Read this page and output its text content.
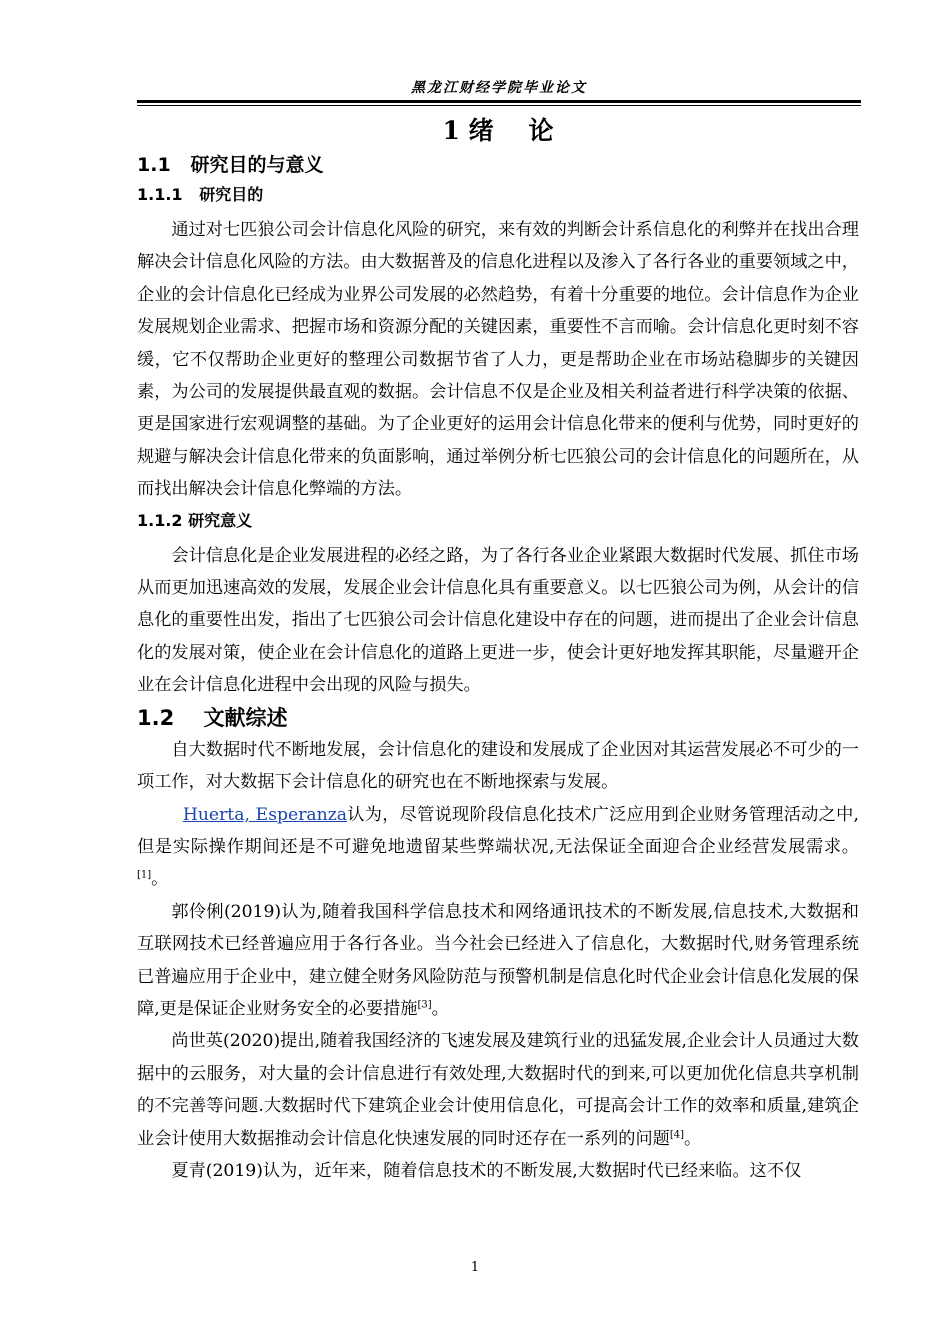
黑龙江财经学院毕业论文
1 绪    论
1.1   研究目的与意义
1.1.1   研究目的

通过对七匹狼公司会计信息化风险的研究，来有效的判断会计系信息化的利弊并在找出合理解决会计信息化风险的方法。由大数据普及的信息化进程以及渗入了各行各业的重要领域之中，企业的会计信息化已经成为业界公司发展的必然趋势，有着十分重要的地位。会计信息作为企业发展规划企业需求、把握市场和资源分配的关键因素，重要性不言而喻。会计信息化更时刻不容缓，它不仅帮助企业更好的整理公司数据节省了人力，更是帮助企业在市场站稳脚步的关键因素，为公司的发展提供最直观的数据。会计信息不仅是企业及相关利益者进行科学决策的依据、更是国家进行宏观调整的基础。为了企业更好的运用会计信息化带来的便利与优势，同时更好的规避与解决会计信息化带来的负面影响，通过举例分析七匹狼公司的会计信息化的问题所在，从而找出解决会计信息化弊端的方法。

1.1.2 研究意义

会计信息化是企业发展进程的必经之路，为了各行各业企业紧跟大数据时代发展、抓住市场从而更加迅速高效的发展，发展企业会计信息化具有重要意义。以七匹狼公司为例，从会计的信息化的重要性出发，指出了七匹狼公司会计信息化建设中存在的问题，进而提出了企业会计信息化的发展对策，使企业在会计信息化的道路上更进一步，使会计更好地发挥其职能，尽量避开企业在会计信息化进程中会出现的风险与损失。

1.2    文献综述

自大数据时代不断地发展，会计信息化的建设和发展成了企业因对其运营发展必不可少的一项工作，对大数据下会计信息化的研究也在不断地探索与发展。

Huerta, Esperanza认为，尽管说现阶段信息化技术广泛应用到企业财务管理活动之中,但是实际操作期间还是不可避免地遗留某些弊端状况,无法保证全面迎合企业经营发展需求。[1]。

郭伶俐(2019)认为,随着我国科学信息技术和网络通讯技术的不断发展,信息技术,大数据和互联网技术已经普遍应用于各行各业。当今社会已经进入了信息化，大数据时代,财务管理系统已普遍应用于企业中，建立健全财务风险防范与预警机制是信息化时代企业会计信息化发展的保障,更是保证企业财务安全的必要措施[3]。

尚世英(2020)提出,随着我国经济的飞速发展及建筑行业的迅猛发展,企业会计人员通过大数据中的云服务，对大量的会计信息进行有效处理,大数据时代的到来,可以更加优化信息共享机制的不完善等问题.大数据时代下建筑企业会计使用信息化，可提高会计工作的效率和质量,建筑企业会计使用大数据推动会计信息化快速发展的同时还存在一系列的问题[4]。

夏青(2019)认为，近年来，随着信息技术的不断发展,大数据时代已经来临。这不仅

1
